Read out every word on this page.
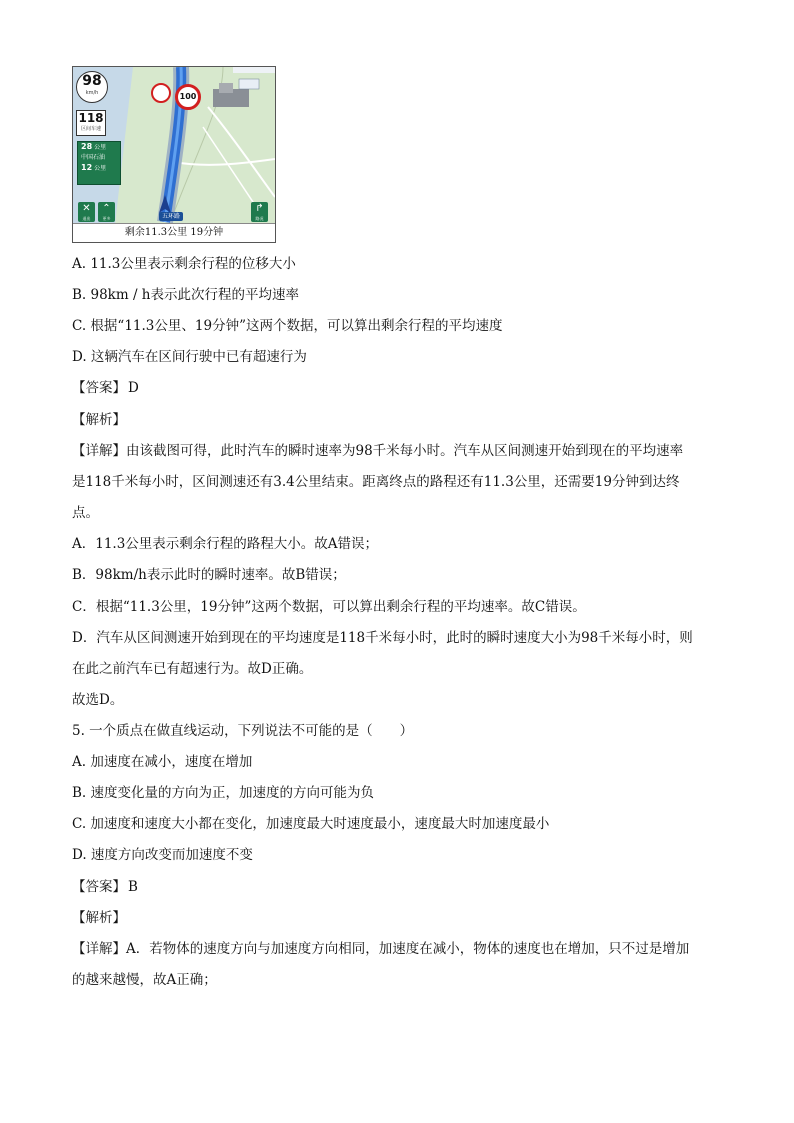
98
km/h
118
区间车速
100
28 公里
中国石油
12 公里
✕
退出
⌃
更多
↱
路况
五环路
剩余11.3公里 19分钟
A. 11.3公里表示剩余行程的位移大小
B. 98km / h表示此次行程的平均速率
C. 根据“11.3公里、19分钟”这两个数据，可以算出剩余行程的平均速度
D. 这辆汽车在区间行驶中已有超速行为
【答案】 D
【解析】
【详解】由该截图可得，此时汽车的瞬时速率为98千米每小时。汽车从区间测速开始到现在的平均速率
是118千米每小时，区间测速还有3.4公里结束。距离终点的路程还有11.3公里，还需要19分钟到达终
点。
A．11.3公里表示剩余行程的路程大小。故A错误；
B．98km/h表示此时的瞬时速率。故B错误；
C．根据“11.3公里，19分钟”这两个数据，可以算出剩余行程的平均速率。故C错误。
D．汽车从区间测速开始到现在的平均速度是118千米每小时，此时的瞬时速度大小为98千米每小时，则
在此之前汽车已有超速行为。故D正确。
故选D。
5. 一个质点在做直线运动，下列说法不可能的是（　　）
A. 加速度在减小，速度在增加
B. 速度变化量的方向为正，加速度的方向可能为负
C. 加速度和速度大小都在变化，加速度最大时速度最小，速度最大时加速度最小
D. 速度方向改变而加速度不变
【答案】 B
【解析】
【详解】A．若物体的速度方向与加速度方向相同，加速度在减小，物体的速度也在增加，只不过是增加
的越来越慢，故A正确；
